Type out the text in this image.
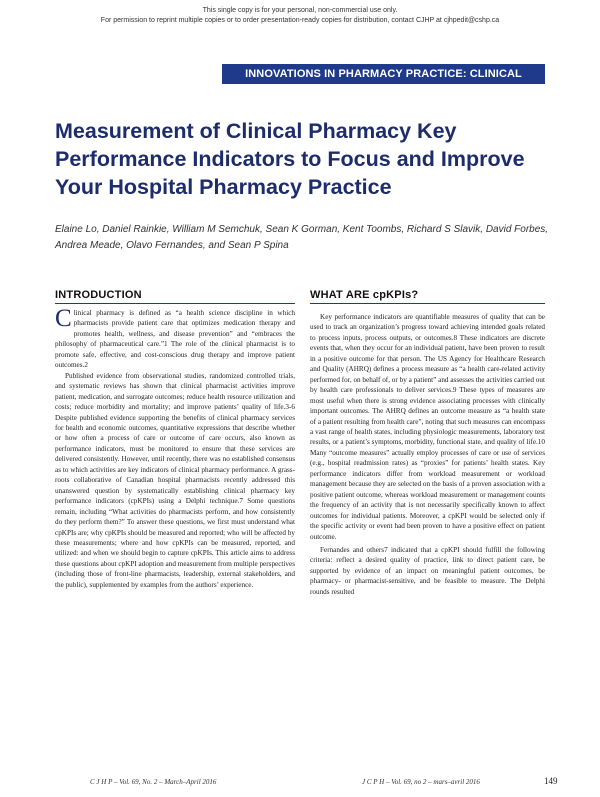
This single copy is for your personal, non-commercial use only.
For permission to reprint multiple copies or to order presentation-ready copies for distribution, contact CJHP at cjhpedit@cshp.ca
INNOVATIONS IN PHARMACY PRACTICE: CLINICAL PRACTICE
Measurement of Clinical Pharmacy Key Performance Indicators to Focus and Improve Your Hospital Pharmacy Practice

Elaine Lo, Daniel Rainkie, William M Semchuk, Sean K Gorman, Kent Toombs, Richard S Slavik, David Forbes, Andrea Meade, Olavo Fernandes, and Sean P Spina

INTRODUCTION

Clinical pharmacy is defined as “a health science discipline in which pharmacists provide patient care that optimizes medication therapy and promotes health, wellness, and disease prevention” and “embraces the philosophy of pharmaceutical care.”1 The role of the clinical pharmacist is to promote safe, effective, and cost-conscious drug therapy and improve patient outcomes.2

Published evidence from observational studies, randomized controlled trials, and systematic reviews has shown that clinical pharmacist activities improve patient, medication, and surrogate outcomes; reduce health resource utilization and costs; reduce morbidity and mortality; and improve patients’ quality of life.3-6 Despite published evidence supporting the benefits of clinical pharmacy services for health and economic outcomes, quantitative expressions that describe whether or how often a process of care or outcome of care occurs, also known as performance indicators, must be monitored to ensure that these services are delivered consistently. However, until recently, there was no established consensus as to which activities are key indicators of clinical pharmacy performance. A grass-roots collaborative of Canadian hospital pharmacists recently addressed this unanswered question by systematically establishing clinical pharmacy key performance indicators (cpKPIs) using a Delphi technique.7 Some questions remain, including “What activities do pharmacists perform, and how consistently do they perform them?” To answer these questions, we first must understand what cpKPIs are; why cpKPIs should be measured and reported; who will be affected by these measurements; where and how cpKPIs can be measured, reported, and utilized: and when we should begin to capture cpKPIs. This article aims to address these questions about cpKPI adoption and measurement from multiple perspectives (including those of front-line pharmacists, leadership, external stakeholders, and the public), supplemented by examples from the authors’ experience.

WHAT ARE cpKPIs?

Key performance indicators are quantifiable measures of quality that can be used to track an organization’s progress toward achieving intended goals related to process inputs, process outputs, or outcomes.8 These indicators are discrete events that, when they occur for an individual patient, have been proven to result in a positive outcome for that person. The US Agency for Healthcare Research and Quality (AHRQ) defines a process measure as “a health care-related activity performed for, on behalf of, or by a patient” and assesses the activities carried out by health care professionals to deliver services.9 These types of measures are most useful when there is strong evidence associating processes with clinically important outcomes. The AHRQ defines an outcome measure as “a health state of a patient resulting from health care”, noting that such measures can encompass a vast range of health states, including physiologic measurements, laboratory test results, or a patient’s symptoms, morbidity, functional state, and quality of life.10 Many “outcome measures” actually employ processes of care or use of services (e.g., hospital readmission rates) as “proxies” for patients’ health states. Key performance indicators differ from workload measurement or workload management because they are selected on the basis of a proven association with a positive patient outcome, whereas workload measurement or management counts the frequency of an activity that is not necessarily specifically known to affect outcomes for individual patients. Moreover, a cpKPI would be selected only if the specific activity or event had been proven to have a positive effect on patient outcome.

Fernandes and others7 indicated that a cpKPI should fulfill the following criteria: reflect a desired quality of practice, link to direct patient care, be supported by evidence of an impact on meaningful patient outcomes, be pharmacy- or pharmacist-sensitive, and be feasible to measure. The Delphi rounds resulted

C J H P – Vol. 69, No. 2 – March–April 2016	J C P H – Vol. 69, no 2 – mars–avril 2016	149
